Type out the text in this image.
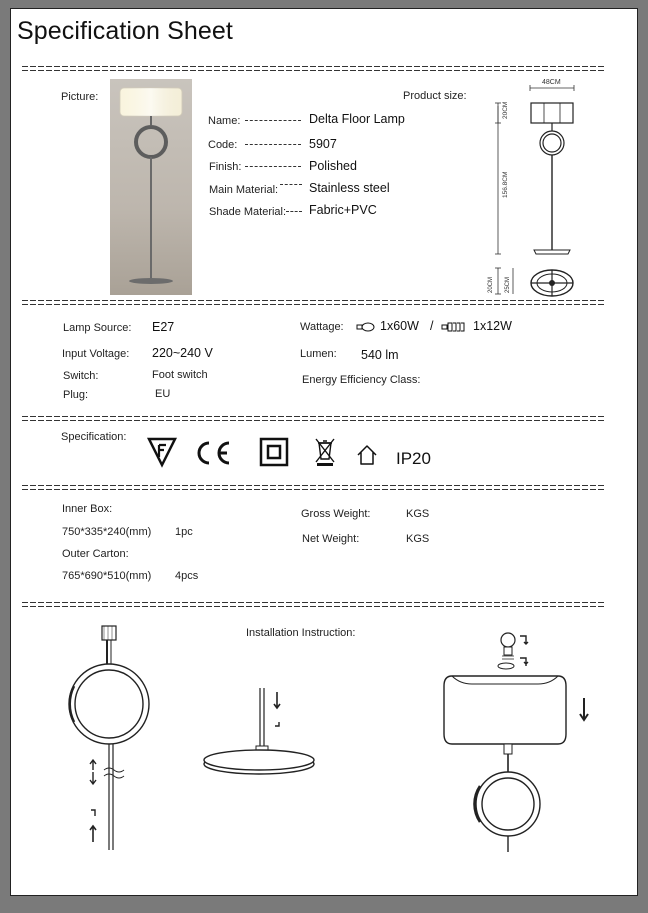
Specification Sheet
Picture:
Name:	Delta Floor Lamp
Code:	5907
Finish:	Polished
Main Material: Stainless steel
Shade Material: Fabric+PVC
Product size:
48CM
20CM
156.8CM
20CM 25CM
Lamp Source: E27
Input Voltage: 220~240 V
Switch:	Foot switch
Plug:	EU
Wattage:	1x60W /	1x12W
Lumen: 540 lm
Energy Efficiency Class:
Specification:
IP20
Inner Box:
750*335*240(mm) 1pc
Outer Carton:
765*690*510(mm) 4pcs
Gross Weight:	KGS
Net Weight:	KGS
Installation Instruction:
